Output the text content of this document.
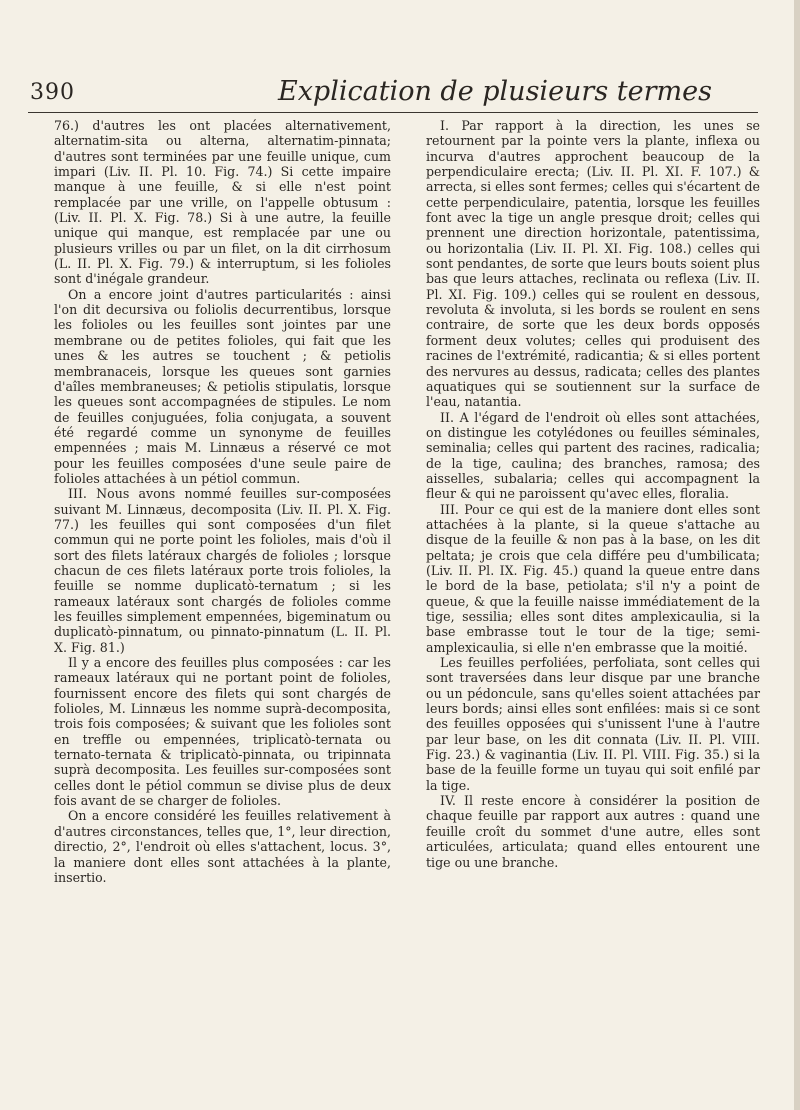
390	Explication de plusieurs termes

76.) d'autres les ont placées alternativement, alternatim-sita ou alterna, alternatim-pinnata; d'autres sont terminées par une feuille unique, cum impari (Liv. II. Pl. 10. Fig. 74.) Si cette impaire manque à une feuille, & si elle n'est point remplacée par une vrille, on l'appelle obtusum : (Liv. II. Pl. X. Fig. 78.) Si à une autre, la feuille unique qui manque, est remplacée par une ou plusieurs vrilles ou par un filet, on la dit cirrhosum (L. II. Pl. X. Fig. 79.) & interruptum, si les folioles sont d'inégale grandeur.

On a encore joint d'autres particularités : ainsi l'on dit decursiva ou foliolis decurrentibus, lorsque les folioles ou les feuilles sont jointes par une membrane ou de petites folioles, qui fait que les unes & les autres se touchent ; & petiolis membranaceis, lorsque les queues sont garnies d'aîles membraneuses; & petiolis stipulatis, lorsque les queues sont accompagnées de stipules. Le nom de feuilles conjuguées, folia conjugata, a souvent été regardé comme un synonyme de feuilles empennées ; mais M. Linnæus a réservé ce mot pour les feuilles composées d'une seule paire de folioles attachées à un pétiol commun.

III. Nous avons nommé feuilles sur-composées suivant M. Linnæus, decomposita (Liv. II. Pl. X. Fig. 77.) les feuilles qui sont composées d'un filet commun qui ne porte point les folioles, mais d'où il sort des filets latéraux chargés de folioles ; lorsque chacun de ces filets latéraux porte trois folioles, la feuille se nomme duplicatò-ternatum ; si les rameaux latéraux sont chargés de folioles comme les feuilles simplement empennées, bigeminatum ou duplicatò-pinnatum, ou pinnato-pinnatum (L. II. Pl. X. Fig. 81.)

Il y a encore des feuilles plus composées : car les rameaux latéraux qui ne portant point de folioles, fournissent encore des filets qui sont chargés de folioles, M. Linnæus les nomme suprà-decomposita, trois fois composées; & suivant que les folioles sont en treffle ou empennées, triplicatò-ternata ou ternato-ternata & triplicatò-pinnata, ou tripinnata suprà decomposita. Les feuilles sur-composées sont celles dont le pétiol commun se divise plus de deux fois avant de se charger de folioles.

On a encore considéré les feuilles relativement à d'autres circonstances, telles que, 1°, leur direction, directio, 2°, l'endroit où elles s'attachent, locus. 3°, la maniere dont elles sont attachées à la plante, insertio.

I. Par rapport à la direction, les unes se retournent par la pointe vers la plante, inflexa ou incurva d'autres approchent beaucoup de la perpendiculaire erecta; (Liv. II. Pl. XI. F. 107.) & arrecta, si elles sont fermes; celles qui s'écartent de cette perpendiculaire, patentia, lorsque les feuilles font avec la tige un angle presque droit; celles qui prennent une direction horizontale, patentissima, ou horizontalia (Liv. II. Pl. XI. Fig. 108.) celles qui sont pendantes, de sorte que leurs bouts soient plus bas que leurs attaches, reclinata ou reflexa (Liv. II. Pl. XI. Fig. 109.) celles qui se roulent en dessous, revoluta & involuta, si les bords se roulent en sens contraire, de sorte que les deux bords opposés forment deux volutes; celles qui produisent des racines de l'extrémité, radicantia; & si elles portent des nervures au dessus, radicata; celles des plantes aquatiques qui se soutiennent sur la surface de l'eau, natantia.

II. A l'égard de l'endroit où elles sont attachées, on distingue les cotylédones ou feuilles séminales, seminalia; celles qui partent des racines, radicalia; de la tige, caulina; des branches, ramosa; des aisselles, subalaria; celles qui accompagnent la fleur & qui ne paroissent qu'avec elles, floralia.

III. Pour ce qui est de la maniere dont elles sont attachées à la plante, si la queue s'attache au disque de la feuille & non pas à la base, on les dit peltata; je crois que cela différe peu d'umbilicata; (Liv. II. Pl. IX. Fig. 45.) quand la queue entre dans le bord de la base, petiolata; s'il n'y a point de queue, & que la feuille naisse immédiatement de la tige, sessilia; elles sont dites amplexicaulia, si la base embrasse tout le tour de la tige; semi-amplexicaulia, si elle n'en embrasse que la moitié.

Les feuilles perfoliées, perfoliata, sont celles qui sont traversées dans leur disque par une branche ou un pédoncule, sans qu'elles soient attachées par leurs bords; ainsi elles sont enfilées: mais si ce sont des feuilles opposées qui s'unissent l'une à l'autre par leur base, on les dit connata (Liv. II. Pl. VIII. Fig. 23.) & vaginantia (Liv. II. Pl. VIII. Fig. 35.) si la base de la feuille forme un tuyau qui soit enfilé par la tige.

IV. Il reste encore à considérer la position de chaque feuille par rapport aux autres : quand une feuille croît du sommet d'une autre, elles sont articulées, articulata; quand elles entourent une tige ou une branche.
